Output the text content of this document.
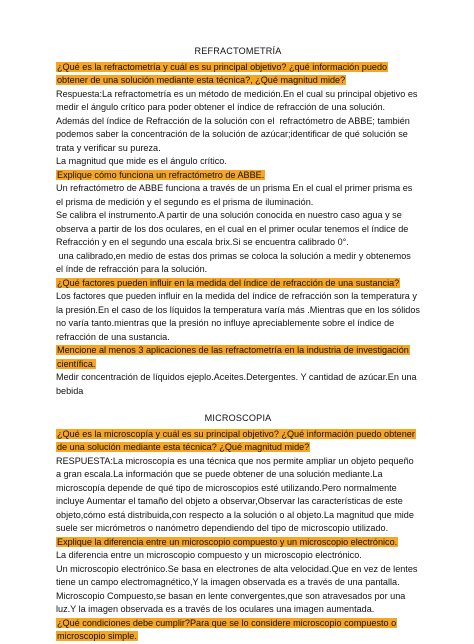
REFRACTOMETRÍA

¿Qué es la refractometría y cuál es su principal objetivo? ¿qué información puedo obtener de una solución mediante esta técnica?, ¿Qué magnitud mide?

Respuesta:La refractometría es un método de medición.En el cual su principal objetivo es medir el ángulo crítico para poder obtener el índice de refracción de una solución.

Además del índice de Refracción de la solución con el  refractómetro de ABBE; también podemos saber la concentración de la solución de azúcar;identificar de qué solución se trata y verificar su pureza.

La magnitud que mide es el ángulo crítico.

Explique cómo funciona un refractómetro de ABBE.

Un refractómetro de ABBE funciona a través de un prisma En el cual el primer prisma es el prisma de medición y el segundo es el prisma de iluminación.

Se calibra el instrumento.A partir de una solución conocida en nuestro caso agua y se observa a partir de los dos oculares, en el cual en el primer ocular tenemos el índice de Refracción y en el segundo una escala brix.Si se encuentra calibrado 0°.

una calibrado,en medio de estas dos primas se coloca la solución a medir y obtenemos el índe de refracción para la solución.

¿Qué factores pueden influir en la medida del índice de refracción de una sustancia?

Los factores que pueden influir en la medida del índice de refracción son la temperatura y la presión.En el caso de los líquidos la temperatura varía más .Mientras que en los sólidos no varía tanto.mientras que la presión no influye apreciablemente sobre el índice de refracción de una sustancia.

Mencione al menos 3 aplicaciones de las refractometría en la industria de investigación científica.

Medir concentración de líquidos ejeplo.Aceites.Detergentes. Y cantidad de azúcar.En una bebida

MICROSCOPIA

¿Qué es la microscopía y cuál es su principal objetivo? ¿Qué información puedo obtener de una solución mediante esta técnica? ¿Qué magnitud mide?

RESPUESTA:La microscopía es una técnica que nos permite ampliar un objeto pequeño a gran escala.La información que se puede obtener de una solución mediante.La microscopía depende de qué tipo de microscopios esté utilizando.Pero normalmente incluye Aumentar el tamaño del objeto a observar,Observar las características de este objeto,cómo está distribuida,con respecto a la solución o al objeto.La magnitud que mide suele ser micrómetros o nanómetro dependiendo del tipo de microscopio utilizado.

Explique la diferencia entre un microscopio compuesto y un microscopio electrónico.

La diferencia entre un microscopio compuesto y un microscopio electrónico.

Un microscopio electrónico.Se basa en electrones de alta velocidad.Que en vez de lentes tiene un campo electromagnético,Y la imagen observada es a través de una pantalla.

Microscopio Compuesto,se basan en lente convergentes,que son atravesados por una luz.Y la imagen observada es a través de los oculares una imagen aumentada.

¿Qué condiciones debe cumplir?Para que se lo considere microscopio compuesto o microscopio simple.
